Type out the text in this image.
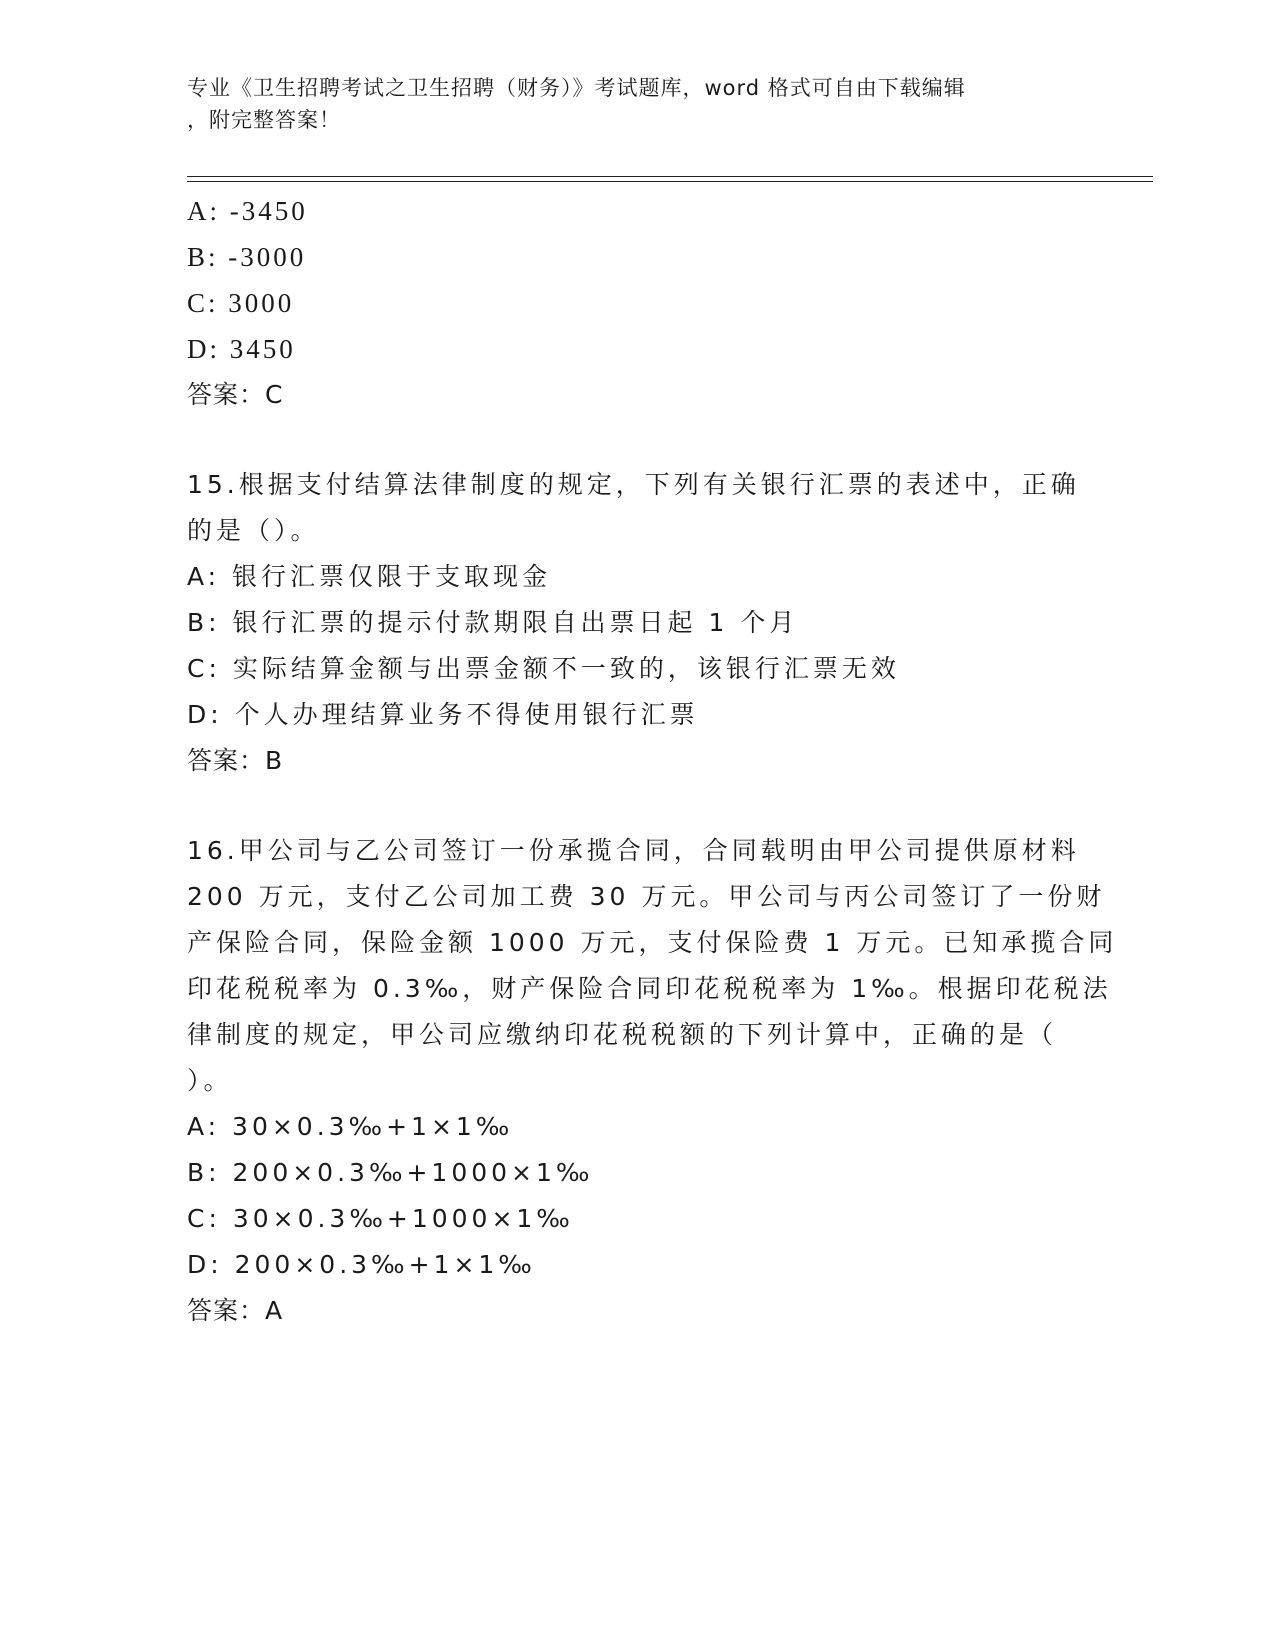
专业《卫生招聘考试之卫生招聘（财务）》考试题库，word 格式可自由下载编辑
，附完整答案！
A: -3450
B: -3000
C: 3000
D: 3450
答案：C
15.根据支付结算法律制度的规定，下列有关银行汇票的表述中，正确
的是（）。
A: 银行汇票仅限于支取现金
B: 银行汇票的提示付款期限自出票日起 1 个月
C: 实际结算金额与出票金额不一致的，该银行汇票无效
D: 个人办理结算业务不得使用银行汇票
答案：B
16.甲公司与乙公司签订一份承揽合同，合同载明由甲公司提供原材料
200 万元，支付乙公司加工费 30 万元。甲公司与丙公司签订了一份财
产保险合同，保险金额 1000 万元，支付保险费 1 万元。已知承揽合同
印花税税率为 0.3‰，财产保险合同印花税税率为 1‰。根据印花税法
律制度的规定，甲公司应缴纳印花税税额的下列计算中，正确的是（
）。
A: 30×0.3‰+1×1‰
B: 200×0.3‰+1000×1‰
C: 30×0.3‰+1000×1‰
D: 200×0.3‰+1×1‰
答案：A
